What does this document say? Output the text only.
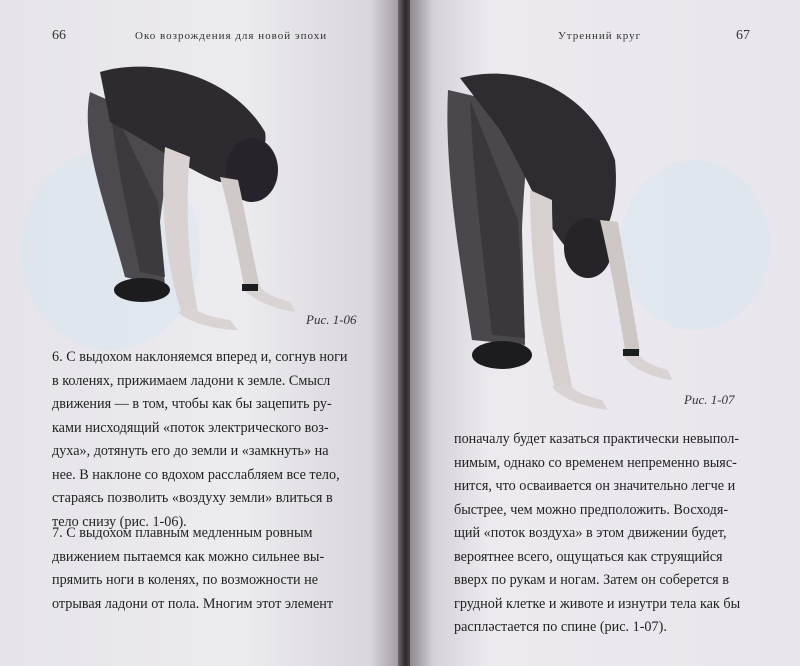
Око возрождения для новой эпохи
66
Рис. 1-06
6. С выдохом наклоняемся вперед и, согнув ноги
в коленях, прижимаем ладони к земле. Смысл
движения — в том, чтобы как бы зацепить ру-
ками нисходящий «поток электрического воз-
духа», дотянуть его до земли и «замкнуть» на
нее. В наклоне со вдохом расслабляем все тело,
стараясь позволить «воздуху земли» влиться в
тело снизу (рис. 1-06).
7. С выдохом плавным медленным ровным
движением пытаемся как можно сильнее вы-
прямить ноги в коленях, по возможности не
отрывая ладони от пола. Многим этот элемент
Утренний круг	67
Рис. 1-07
поначалу будет казаться практически невыпол-
нимым, однако со временем непременно выяс-
нится, что осваивается он значительно легче и
быстрее, чем можно предположить. Восходя-
щий «поток воздуха» в этом движении будет,
вероятнее всего, ощущаться как струящийся
вверх по рукам и ногам. Затем он соберется в
грудной клетке и животе и изнутри тела как бы
расплəстается по спине (рис. 1-07).
